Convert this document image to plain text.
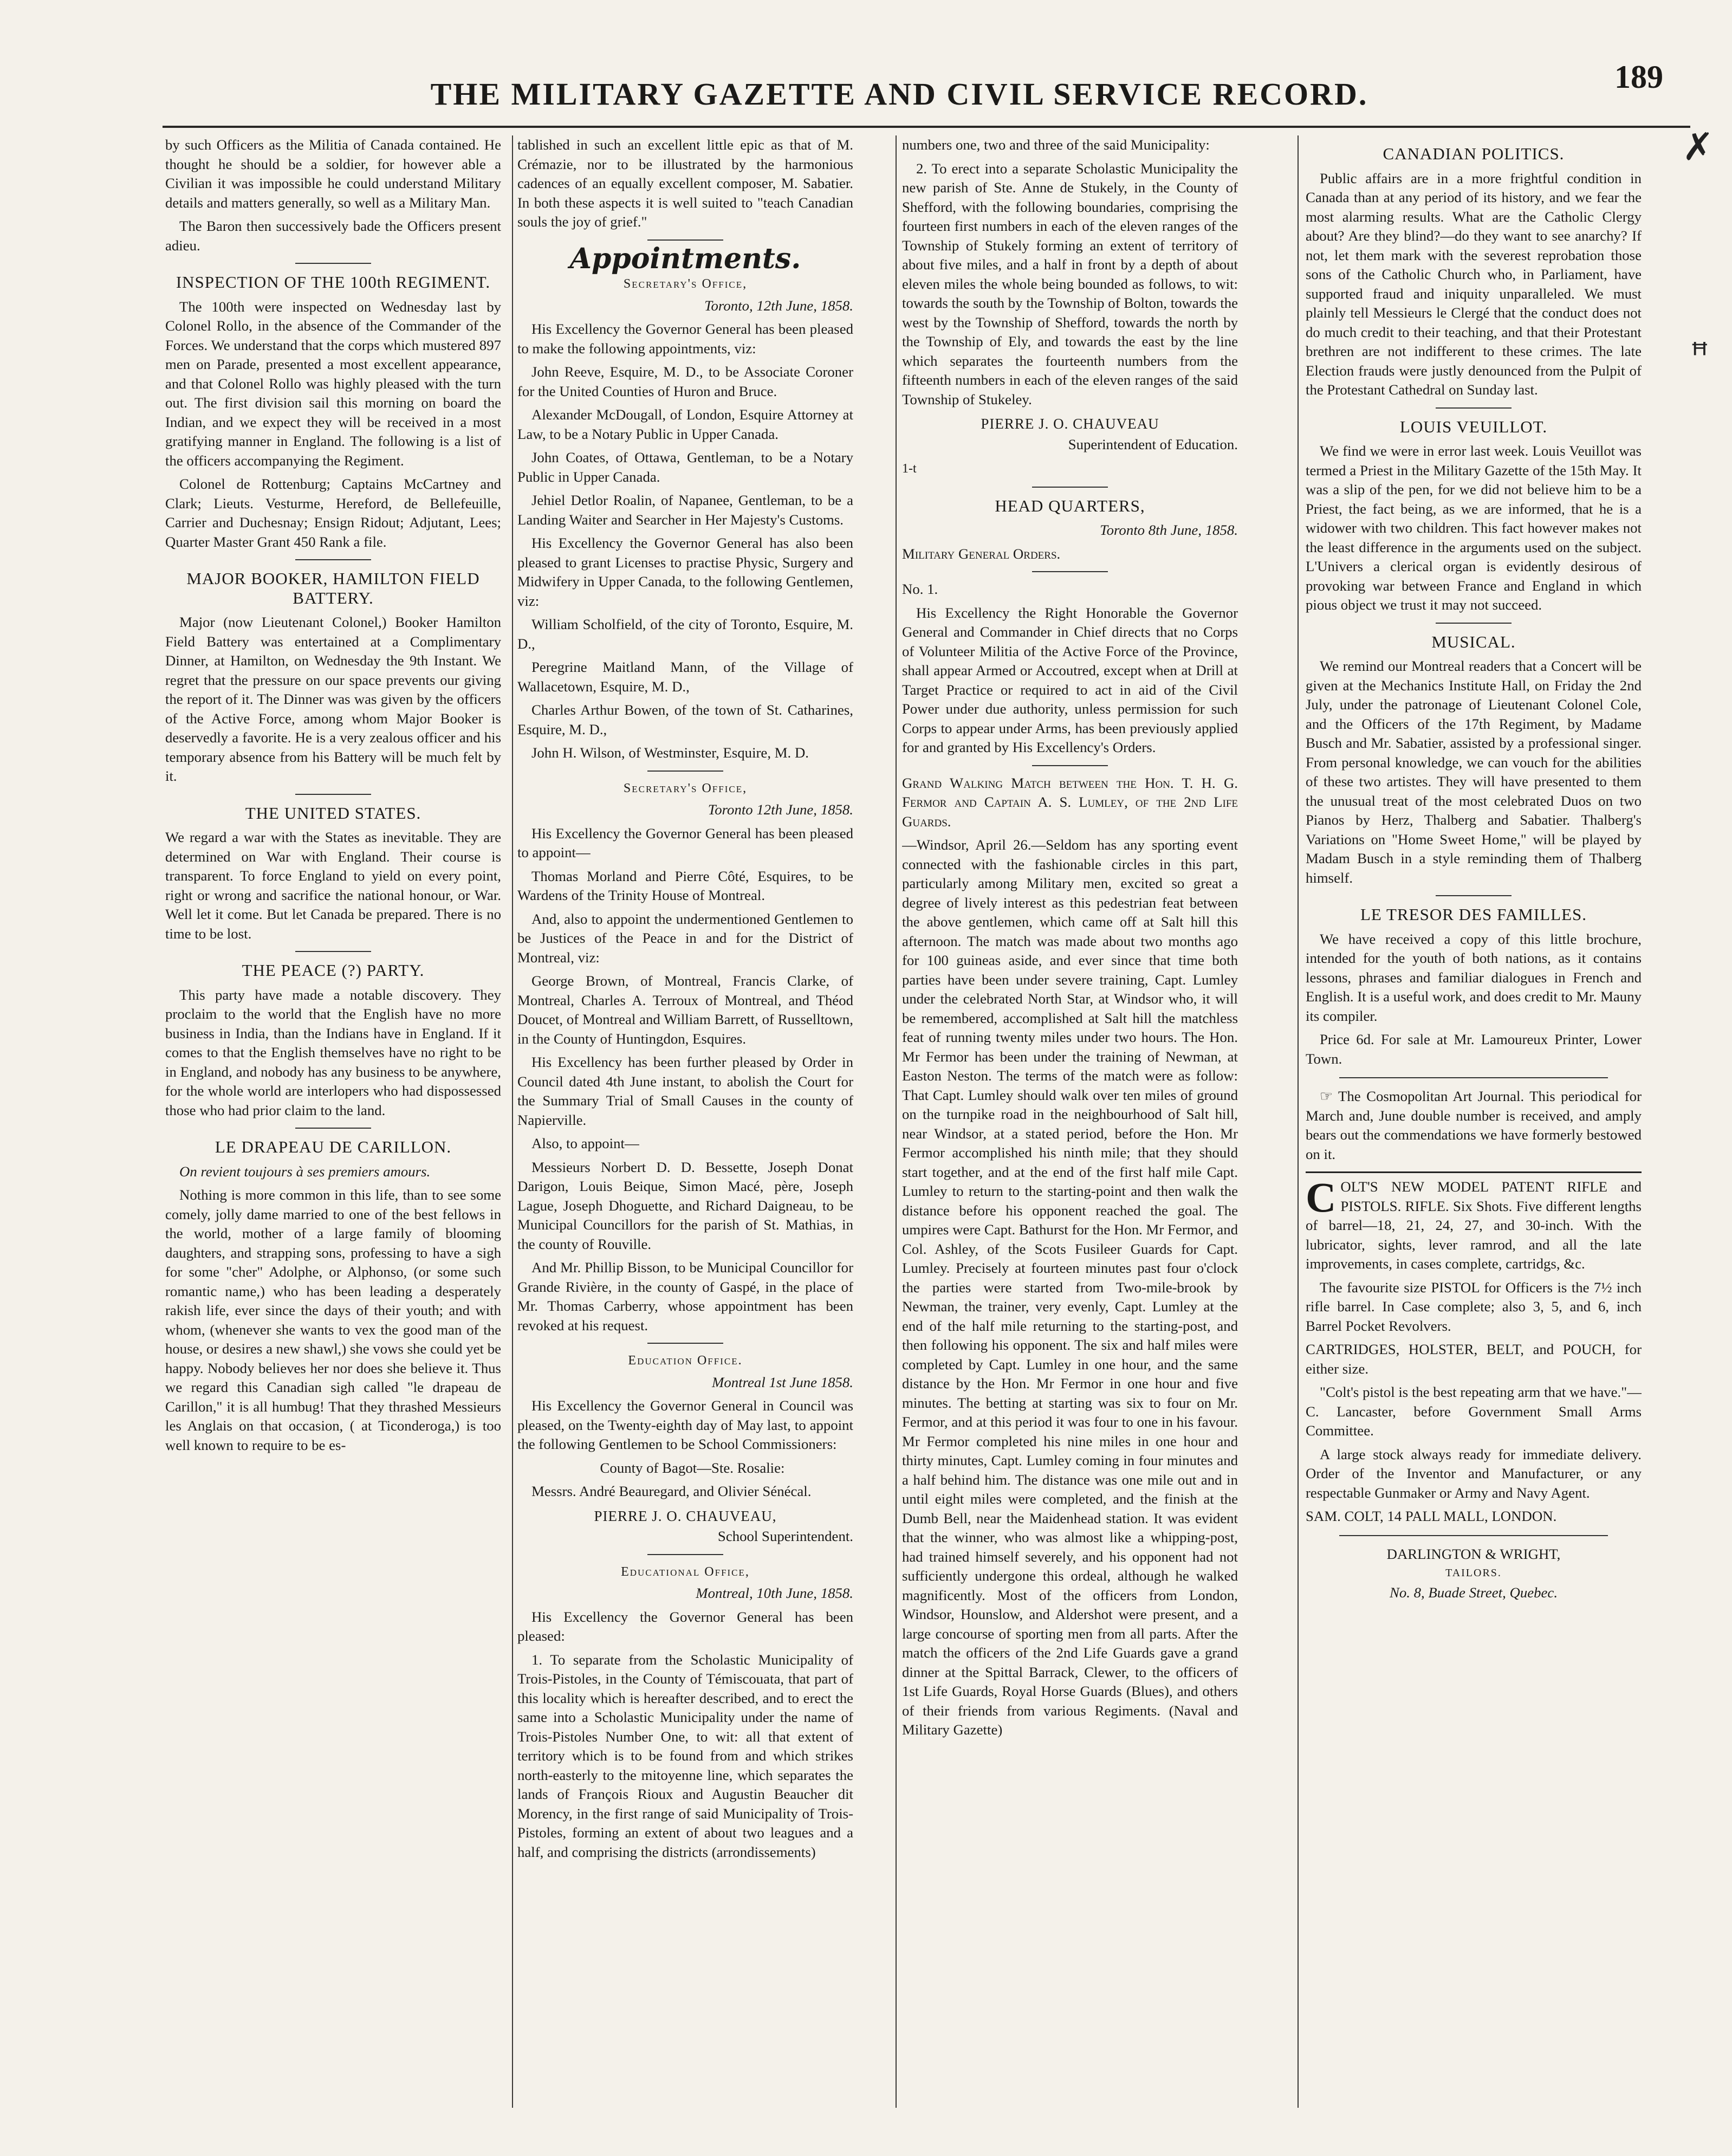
189
THE MILITARY GAZETTE AND CIVIL SERVICE RECORD.

by such Officers as the Militia of Canada contained. He thought he should be a soldier, for however able a Civilian it was impossible he could understand Military details and matters generally, so well as a Military Man.

The Baron then successively bade the Officers present adieu.

INSPECTION OF THE 100th REGIMENT.

The 100th were inspected on Wednesday last by Colonel Rollo, in the absence of the Commander of the Forces. We understand that the corps which mustered 897 men on Parade, presented a most excellent appearance, and that Colonel Rollo was highly pleased with the turn out. The first division sail this morning on board the Indian, and we expect they will be received in a most gratifying manner in England. The following is a list of the officers accompanying the Regiment.

Colonel de Rottenburg; Captains McCartney and Clark; Lieuts. Vesturme, Hereford, de Bellefeuille, Carrier and Duchesnay; Ensign Ridout; Adjutant, Lees; Quarter Master Grant 450 Rank a file.

MAJOR BOOKER, HAMILTON FIELD BATTERY.

Major (now Lieutenant Colonel,) Booker Hamilton Field Battery was entertained at a Complimentary Dinner, at Hamilton, on Wednesday the 9th Instant. We regret that the pressure on our space prevents our giving the report of it. The Dinner was was given by the officers of the Active Force, among whom Major Booker is deservedly a favorite. He is a very zealous officer and his temporary absence from his Battery will be much felt by it.

THE UNITED STATES.

We regard a war with the States as inevitable. They are determined on War with England. Their course is transparent. To force England to yield on every point, right or wrong and sacrifice the national honour, or War. Well let it come. But let Canada be prepared. There is no time to be lost.

THE PEACE (?) PARTY.

This party have made a notable discovery. They proclaim to the world that the English have no more business in India, than the Indians have in England. If it comes to that the English themselves have no right to be in England, and nobody has any business to be anywhere, for the whole world are interlopers who had dispossessed those who had prior claim to the land.

LE DRAPEAU DE CARILLON.

On revient toujours à ses premiers amours.

Nothing is more common in this life, than to see some comely, jolly dame married to one of the best fellows in the world, mother of a large family of blooming daughters, and strapping sons, professing to have a sigh for some "cher" Adolphe, or Alphonso, (or some such romantic name,) who has been leading a desperately rakish life, ever since the days of their youth; and with whom, (whenever she wants to vex the good man of the house, or desires a new shawl,) she vows she could yet be happy. Nobody believes her nor does she believe it. Thus we regard this Canadian sigh called "le drapeau de Carillon," it is all humbug! That they thrashed Messieurs les Anglais on that occasion, ( at Ticonderoga,) is too well known to require to be es-

tablished in such an excellent little epic as that of M. Crémazie, nor to be illustrated by the harmonious cadences of an equally excellent composer, M. Sabatier. In both these aspects it is well suited to "teach Canadian souls the joy of grief."

Appointments.
Secretary's Office,
Toronto, 12th June, 1858.

His Excellency the Governor General has been pleased to make the following appointments, viz:

John Reeve, Esquire, M. D., to be Associate Coroner for the United Counties of Huron and Bruce.

Alexander McDougall, of London, Esquire Attorney at Law, to be a Notary Public in Upper Canada.

John Coates, of Ottawa, Gentleman, to be a Notary Public in Upper Canada.

Jehiel Detlor Roalin, of Napanee, Gentleman, to be a Landing Waiter and Searcher in Her Majesty's Customs.

His Excellency the Governor General has also been pleased to grant Licenses to practise Physic, Surgery and Midwifery in Upper Canada, to the following Gentlemen, viz:

William Scholfield, of the city of Toronto, Esquire, M. D.,

Peregrine Maitland Mann, of the Village of Wallacetown, Esquire, M. D.,

Charles Arthur Bowen, of the town of St. Catharines, Esquire, M. D.,

John H. Wilson, of Westminster, Esquire, M. D.

Secretary's Office,
Toronto 12th June, 1858.

His Excellency the Governor General has been pleased to appoint—

Thomas Morland and Pierre Côté, Esquires, to be Wardens of the Trinity House of Montreal.

And, also to appoint the undermentioned Gentlemen to be Justices of the Peace in and for the District of Montreal, viz:

George Brown, of Montreal, Francis Clarke, of Montreal, Charles A. Terroux of Montreal, and Théod Doucet, of Montreal and William Barrett, of Russelltown, in the County of Huntingdon, Esquires.

His Excellency has been further pleased by Order in Council dated 4th June instant, to abolish the Court for the Summary Trial of Small Causes in the county of Napierville.

Also, to appoint—

Messieurs Norbert D. D. Bessette, Joseph Donat Darigon, Louis Beique, Simon Macé, père, Joseph Lague, Joseph Dhoguette, and Richard Daigneau, to be Municipal Councillors for the parish of St. Mathias, in the county of Rouville.

And Mr. Phillip Bisson, to be Municipal Councillor for Grande Rivière, in the county of Gaspé, in the place of Mr. Thomas Carberry, whose appointment has been revoked at his request.

Education Office.
Montreal 1st June 1858.

His Excellency the Governor General in Council was pleased, on the Twenty-eighth day of May last, to appoint the following Gentlemen to be School Commissioners:

County of Bagot—Ste. Rosalie:

Messrs. André Beauregard, and Olivier Sénécal.

PIERRE J. O. CHAUVEAU,
School Superintendent.
Educational Office,
Montreal, 10th June, 1858.

His Excellency the Governor General has been pleased:

1. To separate from the Scholastic Municipality of Trois-Pistoles, in the County of Témiscouata, that part of this locality which is hereafter described, and to erect the same into a Scholastic Municipality under the name of Trois-Pistoles Number One, to wit: all that extent of territory which is to be found from and which strikes north-easterly to the mitoyenne line, which separates the lands of François Rioux and Augustin Beaucher dit Morency, in the first range of said Municipality of Trois-Pistoles, forming an extent of about two leagues and a half, and comprising the districts (arrondissements)

numbers one, two and three of the said Municipality:

2. To erect into a separate Scholastic Municipality the new parish of Ste. Anne de Stukely, in the County of Shefford, with the following boundaries, comprising the fourteen first numbers in each of the eleven ranges of the Township of Stukely forming an extent of territory of about five miles, and a half in front by a depth of about eleven miles the whole being bounded as follows, to wit: towards the south by the Township of Bolton, towards the west by the Township of Shefford, towards the north by the Township of Ely, and towards the east by the line which separates the fourteenth numbers from the fifteenth numbers in each of the eleven ranges of the said Township of Stukeley.

PIERRE J. O. CHAUVEAU
Superintendent of Education.
1-t
HEAD QUARTERS,
Toronto 8th June, 1858.

Military General Orders.

No. 1.

His Excellency the Right Honorable the Governor General and Commander in Chief directs that no Corps of Volunteer Militia of the Active Force of the Province, shall appear Armed or Accoutred, except when at Drill at Target Practice or required to act in aid of the Civil Power under due authority, unless permission for such Corps to appear under Arms, has been previously applied for and granted by His Excellency's Orders.

Grand Walking Match between the Hon. T. H. G. Fermor and Captain A. S. Lumley, of the 2nd Life Guards.

—Windsor, April 26.—Seldom has any sporting event connected with the fashionable circles in this part, particularly among Military men, excited so great a degree of lively interest as this pedestrian feat between the above gentlemen, which came off at Salt hill this afternoon. The match was made about two months ago for 100 guineas aside, and ever since that time both parties have been under severe training, Capt. Lumley under the celebrated North Star, at Windsor who, it will be remembered, accomplished at Salt hill the matchless feat of running twenty miles under two hours. The Hon. Mr Fermor has been under the training of Newman, at Easton Neston. The terms of the match were as follow: That Capt. Lumley should walk over ten miles of ground on the turnpike road in the neighbourhood of Salt hill, near Windsor, at a stated period, before the Hon. Mr Fermor accomplished his ninth mile; that they should start together, and at the end of the first half mile Capt. Lumley to return to the starting-point and then walk the distance before his opponent reached the goal. The umpires were Capt. Bathurst for the Hon. Mr Fermor, and Col. Ashley, of the Scots Fusileer Guards for Capt. Lumley. Precisely at fourteen minutes past four o'clock the parties were started from Two-mile-brook by Newman, the trainer, very evenly, Capt. Lumley at the end of the half mile returning to the starting-post, and then following his opponent. The six and half miles were completed by Capt. Lumley in one hour, and the same distance by the Hon. Mr Fermor in one hour and five minutes. The betting at starting was six to four on Mr. Fermor, and at this period it was four to one in his favour. Mr Fermor completed his nine miles in one hour and thirty minutes, Capt. Lumley coming in four minutes and a half behind him. The distance was one mile out and in until eight miles were completed, and the finish at the Dumb Bell, near the Maidenhead station. It was evident that the winner, who was almost like a whipping-post, had trained himself severely, and his opponent had not sufficiently undergone this ordeal, although he walked magnificently. Most of the officers from London, Windsor, Hounslow, and Aldershot were present, and a large concourse of sporting men from all parts. After the match the officers of the 2nd Life Guards gave a grand dinner at the Spittal Barrack, Clewer, to the officers of 1st Life Guards, Royal Horse Guards (Blues), and others of their friends from various Regiments. (Naval and Military Gazette)

CANADIAN POLITICS.

Public affairs are in a more frightful condition in Canada than at any period of its history, and we fear the most alarming results. What are the Catholic Clergy about? Are they blind?—do they want to see anarchy? If not, let them mark with the severest reprobation those sons of the Catholic Church who, in Parliament, have supported fraud and iniquity unparalleled. We must plainly tell Messieurs le Clergé that the conduct does not do much credit to their teaching, and that their Protestant brethren are not indifferent to these crimes. The late Election frauds were justly denounced from the Pulpit of the Protestant Cathedral on Sunday last.

LOUIS VEUILLOT.

We find we were in error last week. Louis Veuillot was termed a Priest in the Military Gazette of the 15th May. It was a slip of the pen, for we did not believe him to be a Priest, the fact being, as we are informed, that he is a widower with two children. This fact however makes not the least difference in the arguments used on the subject. L'Univers a clerical organ is evidently desirous of provoking war between France and England in which pious object we trust it may not succeed.

MUSICAL.

We remind our Montreal readers that a Concert will be given at the Mechanics Institute Hall, on Friday the 2nd July, under the patronage of Lieutenant Colonel Cole, and the Officers of the 17th Regiment, by Madame Busch and Mr. Sabatier, assisted by a professional singer. From personal knowledge, we can vouch for the abilities of these two artistes. They will have presented to them the unusual treat of the most celebrated Duos on two Pianos by Herz, Thalberg and Sabatier. Thalberg's Variations on "Home Sweet Home," will be played by Madam Busch in a style reminding them of Thalberg himself.

LE TRESOR DES FAMILLES.

We have received a copy of this little brochure, intended for the youth of both nations, as it contains lessons, phrases and familiar dialogues in French and English. It is a useful work, and does credit to Mr. Mauny its compiler.

Price 6d. For sale at Mr. Lamoureux Printer, Lower Town.

☞ The Cosmopolitan Art Journal. This periodical for March and, June double number is received, and amply bears out the commendations we have formerly bestowed on it.

COLT'S NEW MODEL PATENT RIFLE and PISTOLS. RIFLE. Six Shots. Five different lengths of barrel—18, 21, 24, 27, and 30-inch. With the lubricator, sights, lever ramrod, and all the late improvements, in cases complete, cartridgs, &c.

The favourite size PISTOL for Officers is the 7½ inch rifle barrel. In Case complete; also 3, 5, and 6, inch Barrel Pocket Revolvers.

CARTRIDGES, HOLSTER, BELT, and POUCH, for either size.

"Colt's pistol is the best repeating arm that we have."—C. Lancaster, before Government Small Arms Committee.

A large stock always ready for immediate delivery. Order of the Inventor and Manufacturer, or any respectable Gunmaker or Army and Navy Agent.

SAM. COLT, 14 PALL MALL, LONDON.

DARLINGTON & WRIGHT,
TAILORS.
No. 8, Buade Street, Quebec.
✗
ꟸ
